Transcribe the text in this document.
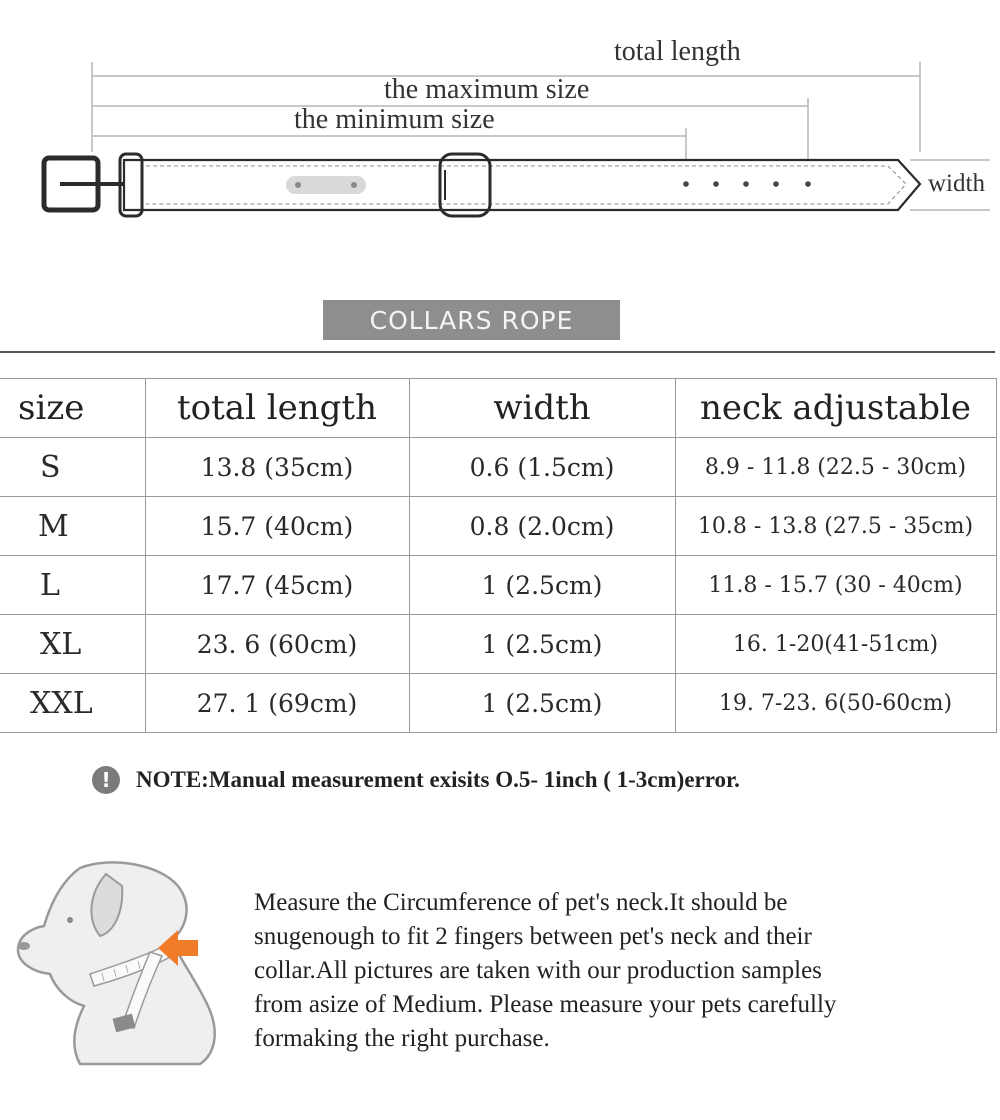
total length
the maximum size
the minimum size
width
COLLARS ROPE
size	total length	width	neck adjustable
S	13.8 (35cm)	0.6 (1.5cm)	8.9 - 11.8 (22.5 - 30cm)
M	15.7 (40cm)	0.8 (2.0cm)	10.8 - 13.8 (27.5 - 35cm)
L	17.7 (45cm)	1 (2.5cm)	11.8 - 15.7 (30 - 40cm)
XL	23. 6 (60cm)	1 (2.5cm)	16. 1-20(41-51cm)
XXL	27. 1 (69cm)	1 (2.5cm)	19. 7-23. 6(50-60cm)
!	NOTE:Manual measurement exisits O.5- 1inch ( 1-3cm)error.

Measure the Circumference of pet's neck.It should be

snugenough to fit 2 fingers between pet's neck and their

collar.All pictures are taken with our production samples

from asize of Medium. Please measure your pets carefully

formaking the right purchase.
